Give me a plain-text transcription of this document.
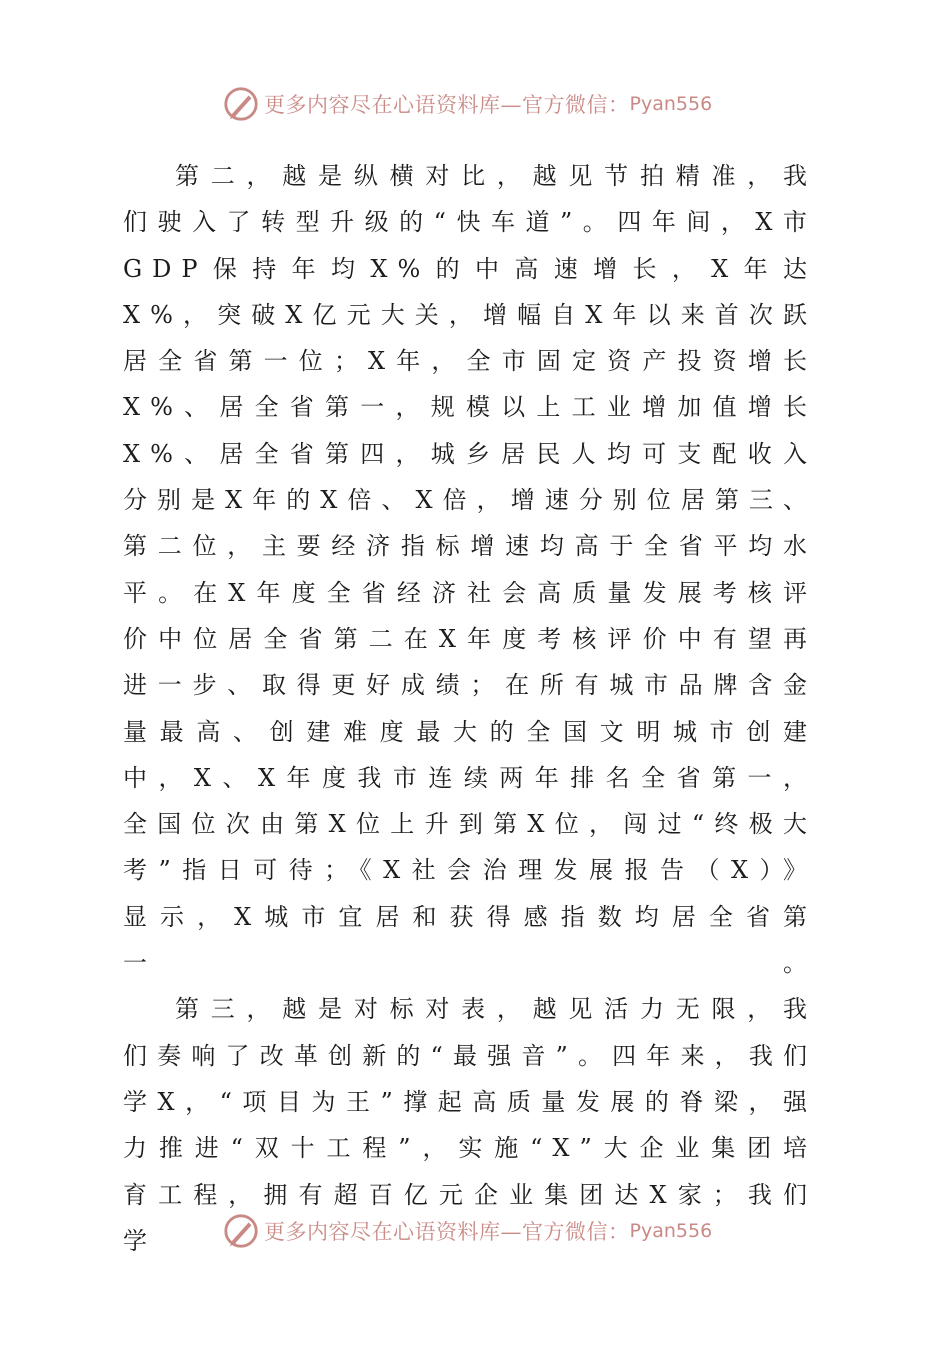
更多内容尽在心语资料库—官方微信： Pyan556

第二，越是纵横对比，越见节拍精准，我们驶入了转型升级的“快车道”。四年间，X市GDP保持年均X%的中高速增长，X年达X%，突破X亿元大关，增幅自X年以来首次跃居全省第一位；X年，全市固定资产投资增长X%、居全省第一，规模以上工业增加值增长X%、居全省第四，城乡居民人均可支配收入分别是X年的X倍、X倍，增速分别位居第三、第二位，主要经济指标增速均高于全省平均水平。在X年度全省经济社会高质量发展考核评价中位居全省第二在X年度考核评价中有望再进一步、取得更好成绩；在所有城市品牌含金量最高、创建难度最大的全国文明城市创建中，X、X年度我市连续两年排名全省第一，全国位次由第X位上升到第X位，闯过“终极大考”指日可待；《X社会治理发展报告（X）》显示，X城市宜居和获得感指数均居全省第一。

第三，越是对标对表，越见活力无限，我们奏响了改革创新的“最强音”。四年来，我们学X，“项目为王”撑起高质量发展的脊梁，强力推进“双十工程”，实施“X”大企业集团培育工程，拥有超百亿元企业集团达X家；我们学	更多内容尽在心语资料库—官方微信： Pyan556
